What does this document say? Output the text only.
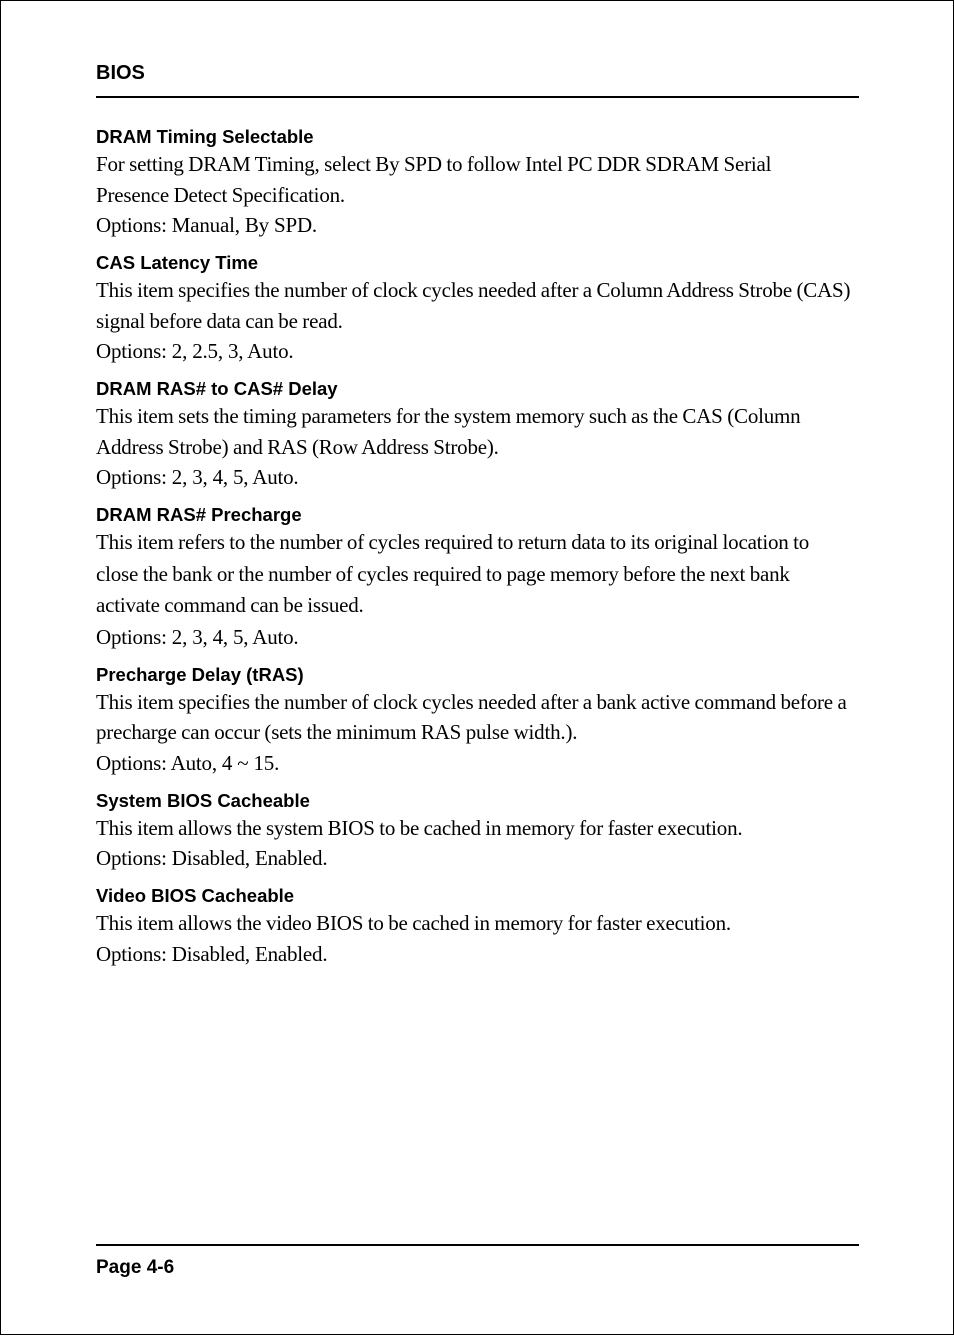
BIOS
DRAM Timing Selectable

For setting DRAM Timing, select By SPD to follow Intel PC DDR SDRAM Serial Presence Detect Specification.

Options: Manual, By SPD.

CAS Latency Time

This item specifies the number of clock cycles needed after a Column Address Strobe (CAS) signal before data can be read.

Options: 2, 2.5, 3, Auto.

DRAM RAS# to CAS# Delay

This item sets the timing parameters for the system memory such as the CAS (Column Address Strobe) and RAS (Row Address Strobe).

Options: 2, 3, 4, 5, Auto.

DRAM RAS# Precharge

This item refers to the number of cycles required to return data to its original location to close the bank or the number of cycles required to page memory before the next bank activate command can be issued.

Options: 2, 3, 4, 5, Auto.

Precharge Delay (tRAS)

This item specifies the number of clock cycles needed after a bank active command before a precharge can occur (sets the minimum RAS pulse width.).

Options: Auto, 4 ~ 15.

System BIOS Cacheable

This item allows the system BIOS to be cached in memory for faster execution.

Options: Disabled, Enabled.

Video BIOS Cacheable

This item allows the video BIOS to be cached in memory for faster execution.

Options: Disabled, Enabled.

Page 4-6
